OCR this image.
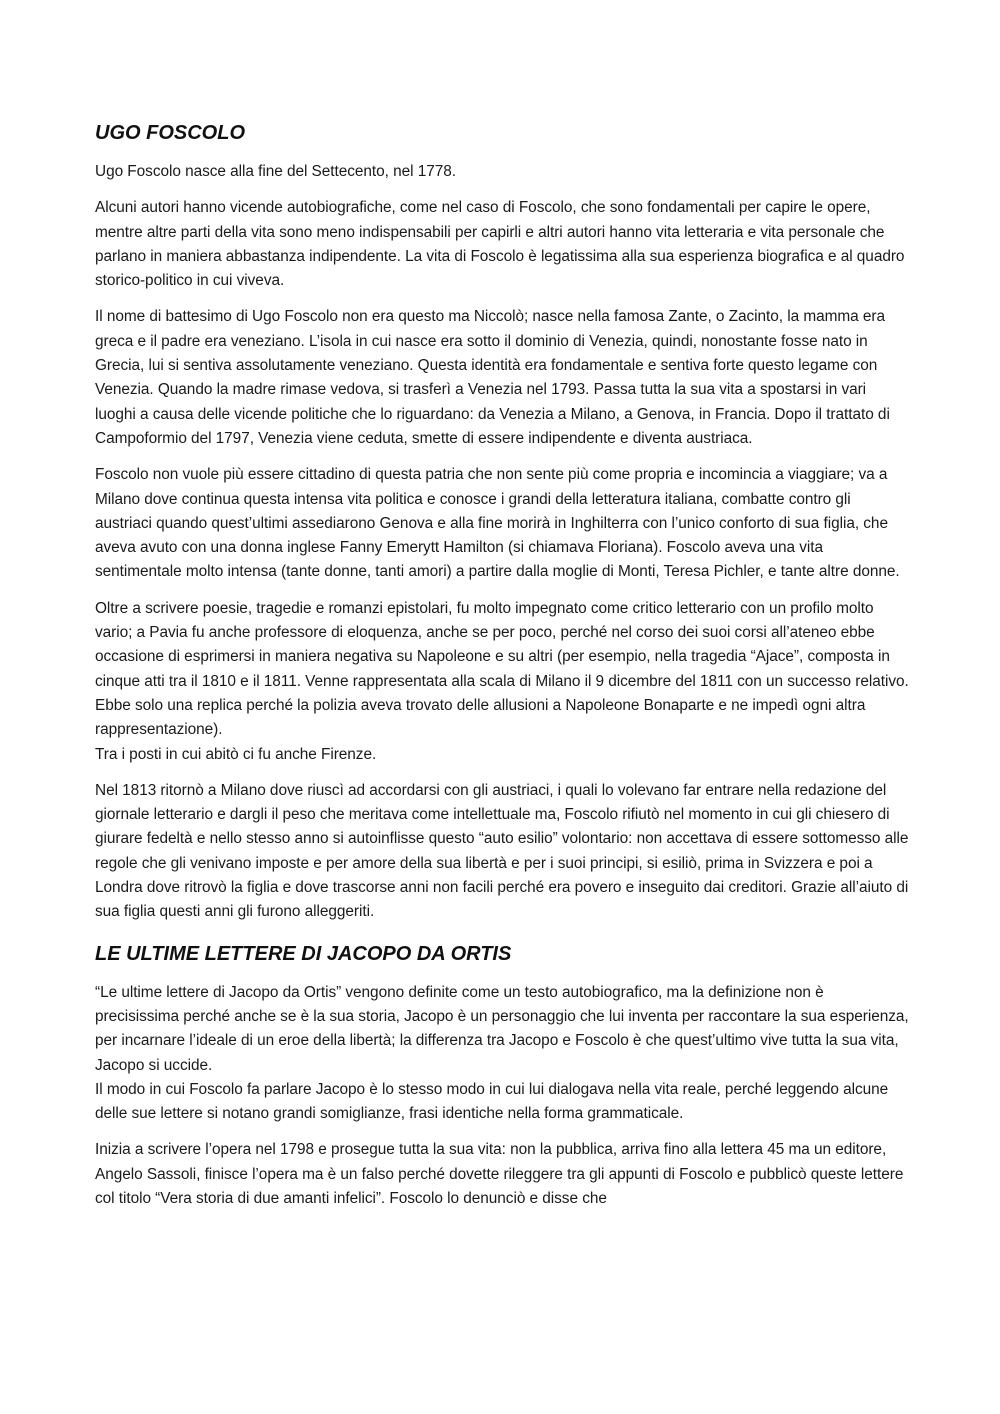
UGO FOSCOLO

Ugo Foscolo nasce alla fine del Settecento, nel 1778.

Alcuni autori hanno vicende autobiografiche, come nel caso di Foscolo, che sono fondamentali per capire le opere, mentre altre parti della vita sono meno indispensabili per capirli e altri autori hanno vita letteraria e vita personale che parlano in maniera abbastanza indipendente. La vita di Foscolo è legatissima alla sua esperienza biografica e al quadro storico-politico in cui viveva.

Il nome di battesimo di Ugo Foscolo non era questo ma Niccolò; nasce nella famosa Zante, o Zacinto, la mamma era greca e il padre era veneziano. L’isola in cui nasce era sotto il dominio di Venezia, quindi, nonostante fosse nato in Grecia, lui si sentiva assolutamente veneziano. Questa identità era fondamentale e sentiva forte questo legame con Venezia. Quando la madre rimase vedova, si trasferì a Venezia nel 1793. Passa tutta la sua vita a spostarsi in vari luoghi a causa delle vicende politiche che lo riguardano: da Venezia a Milano, a Genova, in Francia. Dopo il trattato di Campoformio del 1797, Venezia viene ceduta, smette di essere indipendente e diventa austriaca.

Foscolo non vuole più essere cittadino di questa patria che non sente più come propria e incomincia a viaggiare; va a Milano dove continua questa intensa vita politica e conosce i grandi della letteratura italiana, combatte contro gli austriaci quando quest’ultimi assediarono Genova e alla fine morirà in Inghilterra con l’unico conforto di sua figlia, che aveva avuto con una donna inglese Fanny Emerytt Hamilton (si chiamava Floriana). Foscolo aveva una vita sentimentale molto intensa (tante donne, tanti amori) a partire dalla moglie di Monti, Teresa Pichler, e tante altre donne.

Oltre a scrivere poesie, tragedie e romanzi epistolari, fu molto impegnato come critico letterario con un profilo molto vario; a Pavia fu anche professore di eloquenza, anche se per poco, perché nel corso dei suoi corsi all’ateneo ebbe occasione di esprimersi in maniera negativa su Napoleone e su altri (per esempio, nella tragedia “Ajace”, composta in cinque atti tra il 1810 e il 1811. Venne rappresentata alla scala di Milano il 9 dicembre del 1811 con un successo relativo. Ebbe solo una replica perché la polizia aveva trovato delle allusioni a Napoleone Bonaparte e ne impedì ogni altra rappresentazione).
Tra i posti in cui abitò ci fu anche Firenze.

Nel 1813 ritornò a Milano dove riuscì ad accordarsi con gli austriaci, i quali lo volevano far entrare nella redazione del giornale letterario e dargli il peso che meritava come intellettuale ma, Foscolo rifiutò nel momento in cui gli chiesero di giurare fedeltà e nello stesso anno si autoinflisse questo “auto esilio” volontario: non accettava di essere sottomesso alle regole che gli venivano imposte e per amore della sua libertà e per i suoi principi, si esiliò, prima in Svizzera e poi a Londra dove ritrovò la figlia e dove trascorse anni non facili perché era povero e inseguito dai creditori. Grazie all’aiuto di sua figlia questi anni gli furono alleggeriti.

LE ULTIME LETTERE DI JACOPO DA ORTIS

“Le ultime lettere di Jacopo da Ortis” vengono definite come un testo autobiografico, ma la definizione non è precisissima perché anche se è la sua storia, Jacopo è un personaggio che lui inventa per raccontare la sua esperienza, per incarnare l’ideale di un eroe della libertà; la differenza tra Jacopo e Foscolo è che quest’ultimo vive tutta la sua vita, Jacopo si uccide.
Il modo in cui Foscolo fa parlare Jacopo è lo stesso modo in cui lui dialogava nella vita reale, perché leggendo alcune delle sue lettere si notano grandi somiglianze, frasi identiche nella forma grammaticale.

Inizia a scrivere l’opera nel 1798 e prosegue tutta la sua vita: non la pubblica, arriva fino alla lettera 45 ma un editore, Angelo Sassoli, finisce l’opera ma è un falso perché dovette rileggere tra gli appunti di Foscolo e pubblicò queste lettere col titolo “Vera storia di due amanti infelici”. Foscolo lo denunciò e disse che
